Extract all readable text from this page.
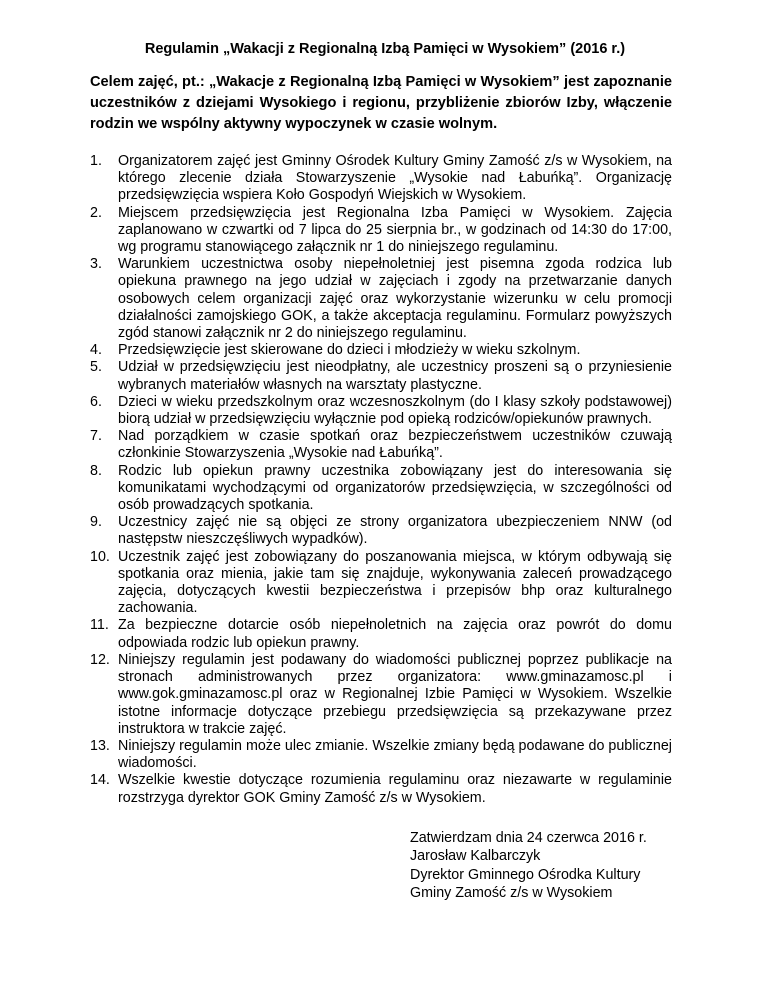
Regulamin „Wakacji z Regionalną Izbą Pamięci w Wysokiem” (2016 r.)
Celem zajęć, pt.: „Wakacje z Regionalną Izbą Pamięci w Wysokiem” jest zapoznanie uczestników z dziejami Wysokiego i regionu, przybliżenie zbiorów Izby, włączenie rodzin we wspólny aktywny wypoczynek w czasie wolnym.
1.	Organizatorem zajęć jest Gminny Ośrodek Kultury Gminy Zamość z/s w Wysokiem, na którego zlecenie działa Stowarzyszenie „Wysokie nad Łabuńką”. Organizację przedsięwzięcia wspiera Koło Gospodyń Wiejskich w Wysokiem.
2.	Miejscem przedsięwzięcia jest Regionalna Izba Pamięci w Wysokiem. Zajęcia zaplanowano w czwartki od 7 lipca do 25 sierpnia br., w godzinach od 14:30 do 17:00, wg programu stanowiącego załącznik nr 1 do niniejszego regulaminu.
3.	Warunkiem uczestnictwa osoby niepełnoletniej jest pisemna zgoda rodzica lub opiekuna prawnego na jego udział w zajęciach i zgody na przetwarzanie danych osobowych celem organizacji zajęć oraz wykorzystanie wizerunku w celu promocji działalności zamojskiego GOK, a także akceptacja regulaminu. Formularz powyższych zgód stanowi załącznik nr 2 do niniejszego regulaminu.
4.	Przedsięwzięcie jest skierowane do dzieci i młodzieży w wieku szkolnym.
5.	Udział w przedsięwzięciu jest nieodpłatny, ale uczestnicy proszeni są o przyniesienie wybranych materiałów własnych na warsztaty plastyczne.
6.	Dzieci w wieku przedszkolnym oraz wczesnoszkolnym (do I klasy szkoły podstawowej) biorą udział w przedsięwzięciu wyłącznie pod opieką rodziców/opiekunów prawnych.
7.	Nad porządkiem w czasie spotkań oraz bezpieczeństwem uczestników czuwają członkinie Stowarzyszenia „Wysokie nad Łabuńką”.
8.	Rodzic lub opiekun prawny uczestnika zobowiązany jest do interesowania się komunikatami wychodzącymi od organizatorów przedsięwzięcia, w szczególności od osób prowadzących spotkania.
9.	Uczestnicy zajęć nie są objęci ze strony organizatora ubezpieczeniem NNW (od następstw nieszczęśliwych wypadków).
10. Uczestnik zajęć jest zobowiązany do poszanowania miejsca, w którym odbywają się spotkania oraz mienia, jakie tam się znajduje, wykonywania zaleceń prowadzącego zajęcia, dotyczących kwestii bezpieczeństwa i przepisów bhp oraz kulturalnego zachowania.
11. Za bezpieczne dotarcie osób niepełnoletnich na zajęcia oraz powrót do domu odpowiada rodzic lub opiekun prawny.
12. Niniejszy regulamin jest podawany do wiadomości publicznej poprzez publikacje na stronach administrowanych przez organizatora: www.gminazamosc.pl i www.gok.gminazamosc.pl oraz w Regionalnej Izbie Pamięci w Wysokiem. Wszelkie istotne informacje dotyczące przebiegu przedsięwzięcia są przekazywane przez instruktora w trakcie zajęć.
13. Niniejszy regulamin może ulec zmianie. Wszelkie zmiany będą podawane do publicznej wiadomości.
14. Wszelkie kwestie dotyczące rozumienia regulaminu oraz niezawarte w regulaminie rozstrzyga dyrektor GOK Gminy Zamość z/s w Wysokiem.
Zatwierdzam dnia 24 czerwca 2016 r.
Jarosław Kalbarczyk
Dyrektor Gminnego Ośrodka Kultury
Gminy Zamość z/s w Wysokiem
